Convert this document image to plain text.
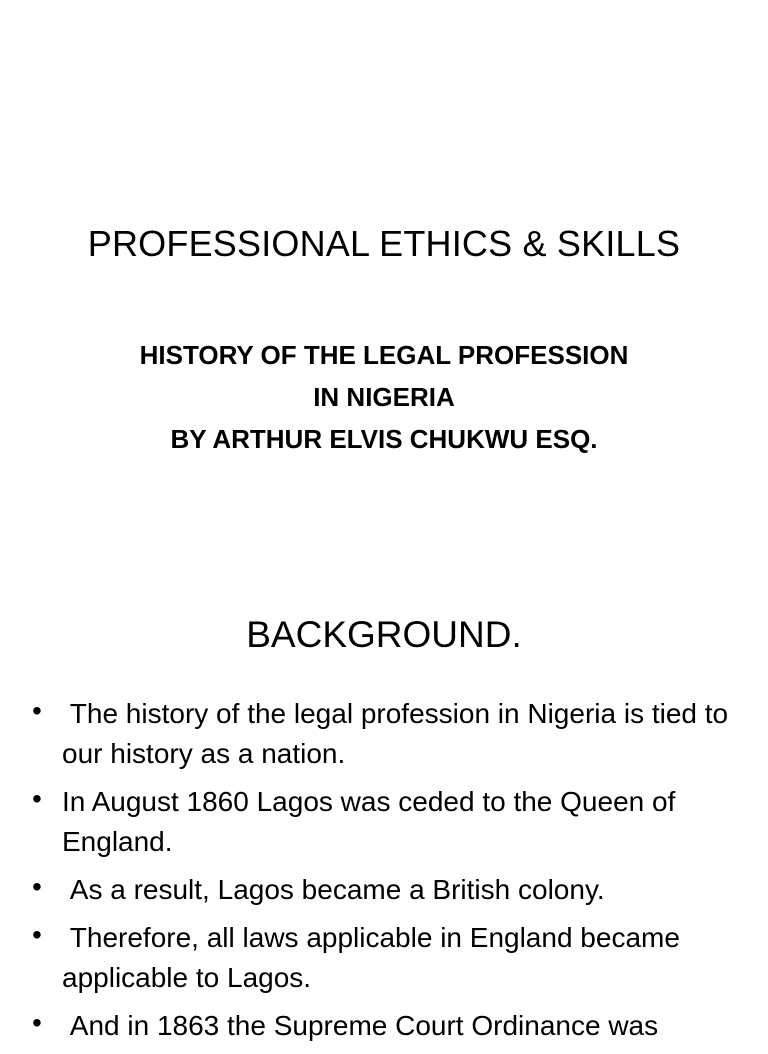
PROFESSIONAL ETHICS & SKILLS
HISTORY OF THE LEGAL PROFESSION
IN NIGERIA
BY ARTHUR ELVIS CHUKWU ESQ.
BACKGROUND.
• The history of the legal profession in Nigeria is tied to our history as a nation.
• In August 1860 Lagos was ceded to the Queen of England.
• As a result, Lagos became a British colony.
• Therefore, all laws applicable in England became applicable to Lagos.
• And in 1863 the Supreme Court Ordinance was
